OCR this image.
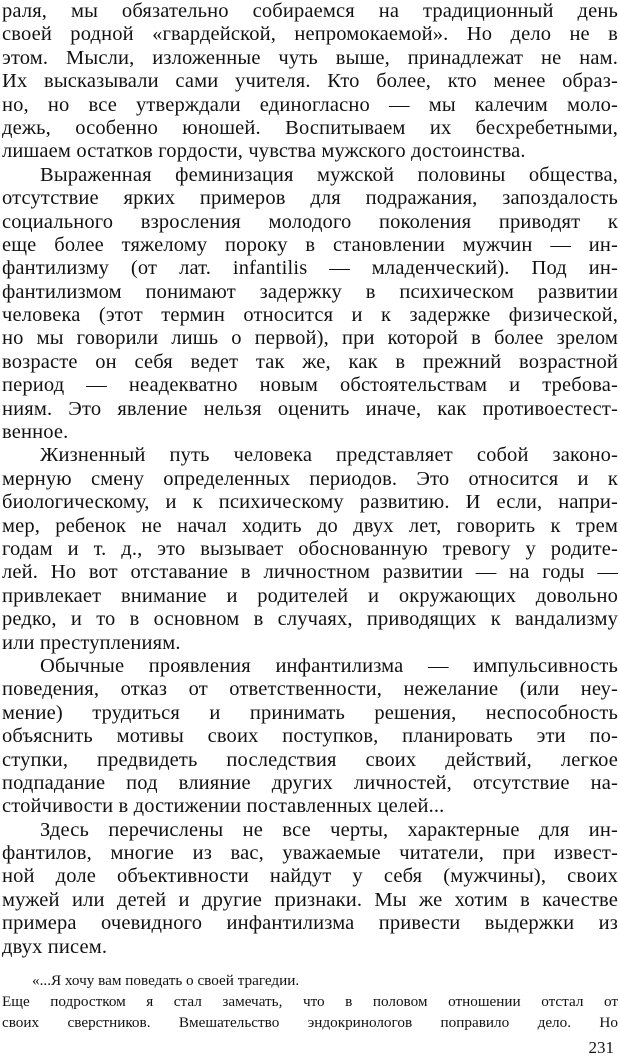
раля, мы обязательно собираемся на традиционный день
своей родной «гвардейской, непромокаемой». Но дело не в
этом. Мысли, изложенные чуть выше, принадлежат не нам.
Их высказывали сами учителя. Кто более, кто менее образ-
но, но все утверждали единогласно — мы калечим моло-
дежь, особенно юношей. Воспитываем их бесхребетными,
лишаем остатков гордости, чувства мужского достоинства.
Выраженная феминизация мужской половины общества,
отсутствие ярких примеров для подражания, запоздалость
социального взросления молодого поколения приводят к
еще более тяжелому пороку в становлении мужчин — ин-
фантилизму (от лат. infantilis — младенческий). Под ин-
фантилизмом понимают задержку в психическом развитии
человека (этот термин относится и к задержке физической,
но мы говорили лишь о первой), при которой в более зрелом
возрасте он себя ведет так же, как в прежний возрастной
период — неадекватно новым обстоятельствам и требова-
ниям. Это явление нельзя оценить иначе, как противоестест-
венное.
Жизненный путь человека представляет собой законо-
мерную смену определенных периодов. Это относится и к
биологическому, и к психическому развитию. И если, напри-
мер, ребенок не начал ходить до двух лет, говорить к трем
годам и т. д., это вызывает обоснованную тревогу у родите-
лей. Но вот отставание в личностном развитии — на годы —
привлекает внимание и родителей и окружающих довольно
редко, и то в основном в случаях, приводящих к вандализму
или преступлениям.
Обычные проявления инфантилизма — импульсивность
поведения, отказ от ответственности, нежелание (или неу-
мение) трудиться и принимать решения, неспособность
объяснить мотивы своих поступков, планировать эти по-
ступки, предвидеть последствия своих действий, легкое
подпадание под влияние других личностей, отсутствие на-
стойчивости в достижении поставленных целей...
Здесь перечислены не все черты, характерные для ин-
фантилов, многие из вас, уважаемые читатели, при извест-
ной доле объективности найдут у себя (мужчины), своих
мужей или детей и другие признаки. Мы же хотим в качестве
примера очевидного инфантилизма привести выдержки из
двух писем.
«...Я хочу вам поведать о своей трагедии.
Еще подростком я стал замечать, что в половом отношении отстал от
своих сверстников. Вмешательство эндокринологов поправило дело. Но
231
